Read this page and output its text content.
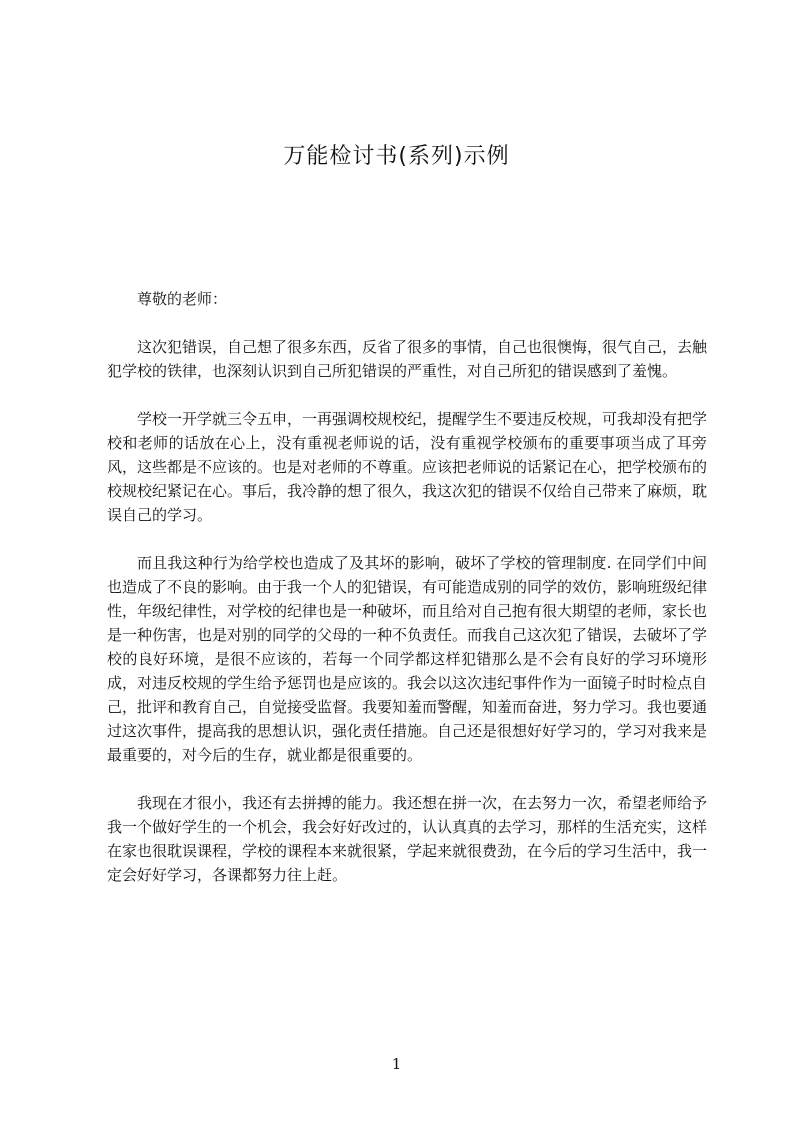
万能检讨书(系列)示例

尊敬的老师：

这次犯错误，自己想了很多东西，反省了很多的事情，自己也很懊悔，很气自己，去触犯学校的铁律，也深刻认识到自己所犯错误的严重性，对自己所犯的错误感到了羞愧。

学校一开学就三令五申，一再强调校规校纪，提醒学生不要违反校规，可我却没有把学校和老师的话放在心上，没有重视老师说的话，没有重视学校颁布的重要事项当成了耳旁风，这些都是不应该的。也是对老师的不尊重。应该把老师说的话紧记在心，把学校颁布的校规校纪紧记在心。事后，我冷静的想了很久，我这次犯的错误不仅给自己带来了麻烦，耽误自己的学习。

而且我这种行为给学校也造成了及其坏的影响，破坏了学校的管理制度. 在同学们中间也造成了不良的影响。由于我一个人的犯错误，有可能造成别的同学的效仿，影响班级纪律性，年级纪律性，对学校的纪律也是一种破坏，而且给对自己抱有很大期望的老师，家长也是一种伤害，也是对别的同学的父母的一种不负责任。而我自己这次犯了错误，去破坏了学校的良好环境，是很不应该的，若每一个同学都这样犯错那么是不会有良好的学习环境形成，对违反校规的学生给予惩罚也是应该的。我会以这次违纪事件作为一面镜子时时检点自己，批评和教育自己，自觉接受监督。我要知羞而警醒，知羞而奋进，努力学习。我也要通过这次事件，提高我的思想认识，强化责任措施。自己还是很想好好学习的，学习对我来是最重要的，对今后的生存，就业都是很重要的。

我现在才很小，我还有去拼搏的能力。我还想在拼一次，在去努力一次，希望老师给予我一个做好学生的一个机会，我会好好改过的，认认真真的去学习，那样的生活充实，这样在家也很耽误课程，学校的课程本来就很紧，学起来就很费劲，在今后的学习生活中，我一定会好好学习，各课都努力往上赶。

1
